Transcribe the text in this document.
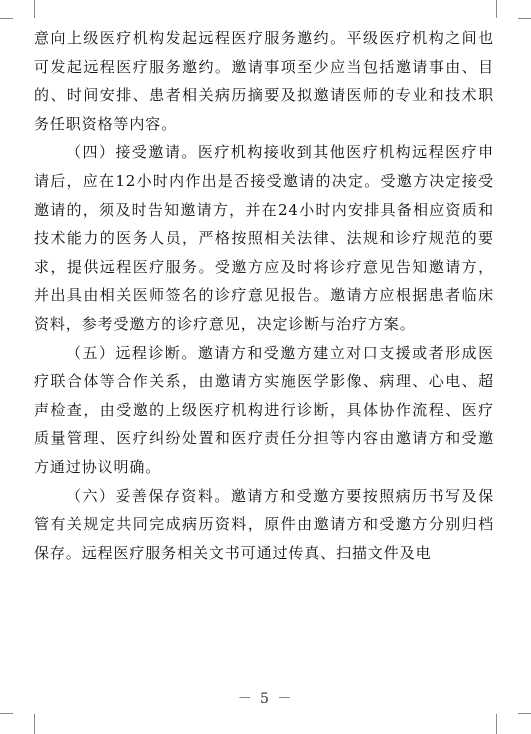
意向上级医疗机构发起远程医疗服务邀约。平级医疗机构之间也可发起远程医疗服务邀约。邀请事项至少应当包括邀请事由、目的、时间安排、患者相关病历摘要及拟邀请医师的专业和技术职务任职资格等内容。

（四）接受邀请。医疗机构接收到其他医疗机构远程医疗申请后，应在12小时内作出是否接受邀请的决定。受邀方决定接受邀请的，须及时告知邀请方，并在24小时内安排具备相应资质和技术能力的医务人员，严格按照相关法律、法规和诊疗规范的要求，提供远程医疗服务。受邀方应及时将诊疗意见告知邀请方，并出具由相关医师签名的诊疗意见报告。邀请方应根据患者临床资料，参考受邀方的诊疗意见，决定诊断与治疗方案。

（五）远程诊断。邀请方和受邀方建立对口支援或者形成医疗联合体等合作关系，由邀请方实施医学影像、病理、心电、超声检查，由受邀的上级医疗机构进行诊断，具体协作流程、医疗质量管理、医疗纠纷处置和医疗责任分担等内容由邀请方和受邀方通过协议明确。

（六）妥善保存资料。邀请方和受邀方要按照病历书写及保管有关规定共同完成病历资料，原件由邀请方和受邀方分别归档保存。远程医疗服务相关文书可通过传真、扫描文件及电

－ 5 －
